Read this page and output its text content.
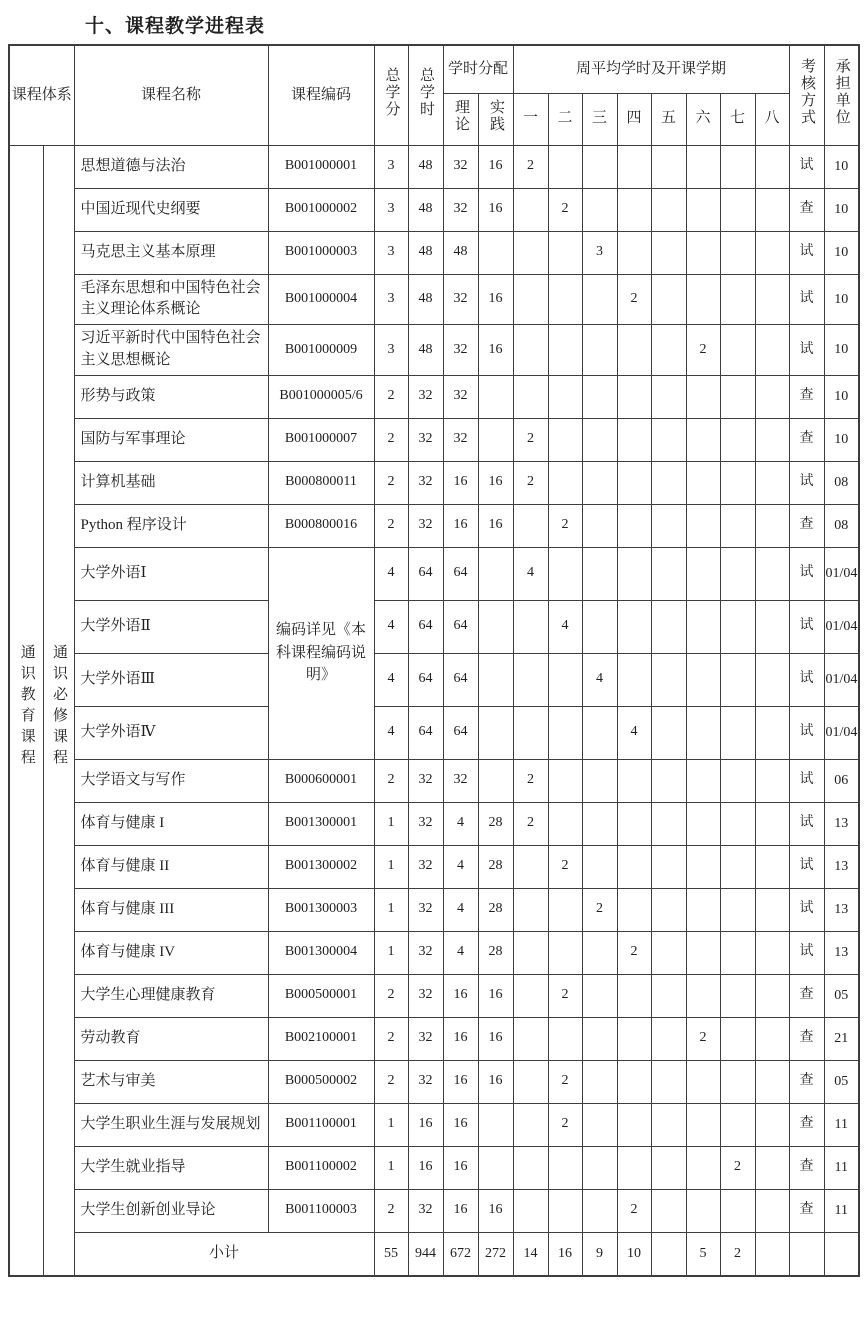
十、课程教学进程表
课程体系		课程名称	课程编码	总学分	总学时	学时分配		周平均学时及开课学期								考核方式	承担单位
						理论	实践	一	二	三	四	五	六	七	八		
通识教育课程	通识必修课程	思想道德与法治	B001000001	3	48	32	16	2								试	10
		中国近现代史纲要	B001000002	3	48	32	16		2							查	10
		马克思主义基本原理	B001000003	3	48	48				3						试	10
		毛泽东思想和中国特色社会主义理论体系概论	B001000004	3	48	32	16				2					试	10
		习近平新时代中国特色社会主义思想概论	B001000009	3	48	32	16						2			试	10
		形势与政策	B001000005/6	2	32	32										查	10
		国防与军事理论	B001000007	2	32	32		2								查	10
		计算机基础	B000800011	2	32	16	16	2								试	08
		Python 程序设计	B000800016	2	32	16	16		2							查	08
		大学外语Ⅰ	编码详见《本科课程编码说明》	4	64	64		4								试	01/04
		大学外语Ⅱ		4	64	64			4							试	01/04
		大学外语Ⅲ		4	64	64				4						试	01/04
		大学外语Ⅳ		4	64	64					4					试	01/04
		大学语文与写作	B000600001	2	32	32		2								试	06
		体育与健康 I	B001300001	1	32	4	28	2								试	13
		体育与健康 II	B001300002	1	32	4	28		2							试	13
		体育与健康 III	B001300003	1	32	4	28			2						试	13
		体育与健康 IV	B001300004	1	32	4	28				2					试	13
		大学生心理健康教育	B000500001	2	32	16	16		2							查	05
		劳动教育	B002100001	2	32	16	16						2			查	21
		艺术与审美	B000500002	2	32	16	16		2							查	05
		大学生职业生涯与发展规划	B001100001	1	16	16			2							查	11
		大学生就业指导	B001100002	1	16	16								2		查	11
		大学生创新创业导论	B001100003	2	32	16	16				2					查	11
		小计		55	944	672	272	14	16	9	10		5	2			
